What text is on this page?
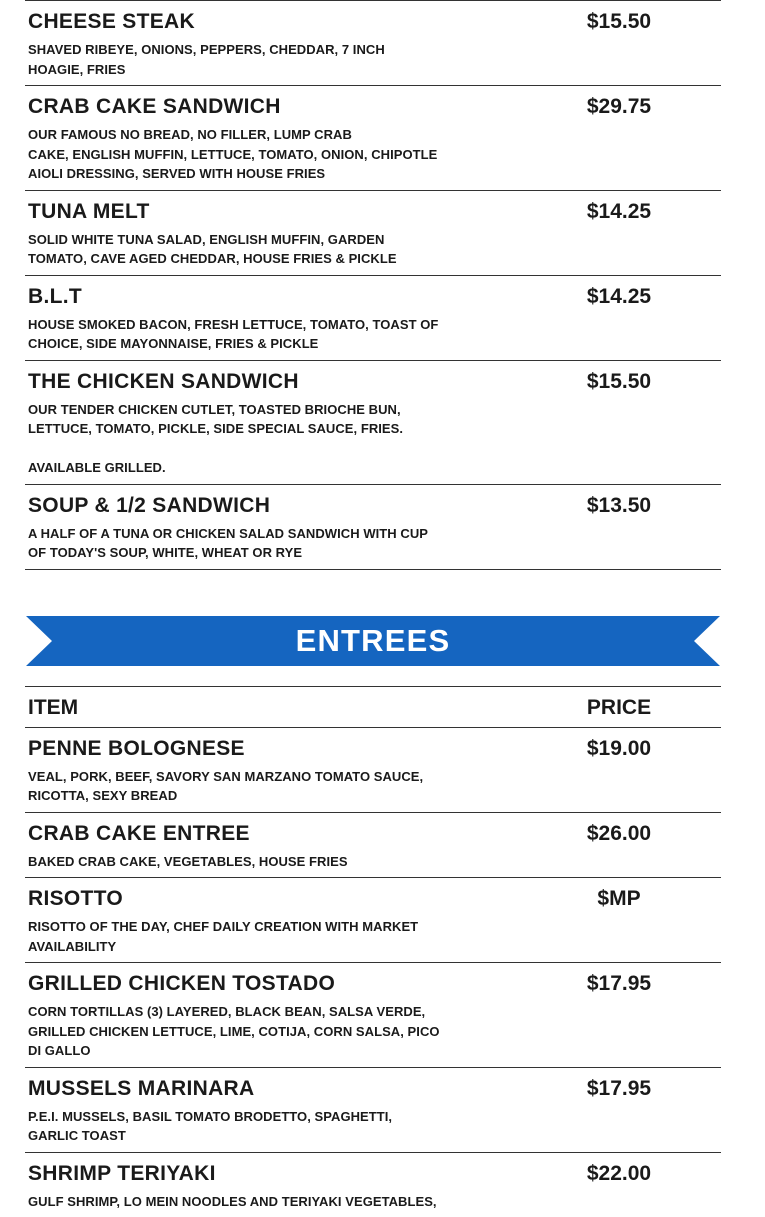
CHEESE STEAK

SHAVED RIBEYE, ONIONS, PEPPERS, CHEDDAR, 7 INCH

HOAGIE, FRIES

$15.50
CRAB CAKE SANDWICH

OUR FAMOUS NO BREAD, NO FILLER, LUMP CRAB

CAKE, ENGLISH MUFFIN, LETTUCE, TOMATO, ONION, CHIPOTLE

AIOLI DRESSING, SERVED WITH HOUSE FRIES

$29.75
TUNA MELT

SOLID WHITE TUNA SALAD, ENGLISH MUFFIN, GARDEN

TOMATO, CAVE AGED CHEDDAR, HOUSE FRIES & PICKLE

$14.25
B.L.T

HOUSE SMOKED BACON, FRESH LETTUCE, TOMATO, TOAST OF

CHOICE, SIDE MAYONNAISE, FRIES & PICKLE

$14.25
THE CHICKEN SANDWICH

OUR TENDER CHICKEN CUTLET, TOASTED BRIOCHE BUN,

LETTUCE, TOMATO, PICKLE, SIDE SPECIAL SAUCE, FRIES.

AVAILABLE GRILLED.

$15.50
SOUP & 1/2 SANDWICH

A HALF OF A TUNA OR CHICKEN SALAD SANDWICH WITH CUP

OF TODAY'S SOUP, WHITE, WHEAT OR RYE

$13.50
ENTREES
ITEM	PRICE
PENNE BOLOGNESE

VEAL, PORK, BEEF, SAVORY SAN MARZANO TOMATO SAUCE,

RICOTTA, SEXY BREAD

$19.00
CRAB CAKE ENTREE

BAKED CRAB CAKE, VEGETABLES, HOUSE FRIES

$26.00
RISOTTO

RISOTTO OF THE DAY, CHEF DAILY CREATION WITH MARKET

AVAILABILITY

$MP
GRILLED CHICKEN TOSTADO

CORN TORTILLAS (3) LAYERED, BLACK BEAN, SALSA VERDE,

GRILLED CHICKEN LETTUCE, LIME, COTIJA, CORN SALSA, PICO

DI GALLO

$17.95
MUSSELS MARINARA

P.E.I. MUSSELS, BASIL TOMATO BRODETTO, SPAGHETTI,

GARLIC TOAST

$17.95
SHRIMP TERIYAKI

GULF SHRIMP, LO MEIN NOODLES AND TERIYAKI VEGETABLES,

$22.00
